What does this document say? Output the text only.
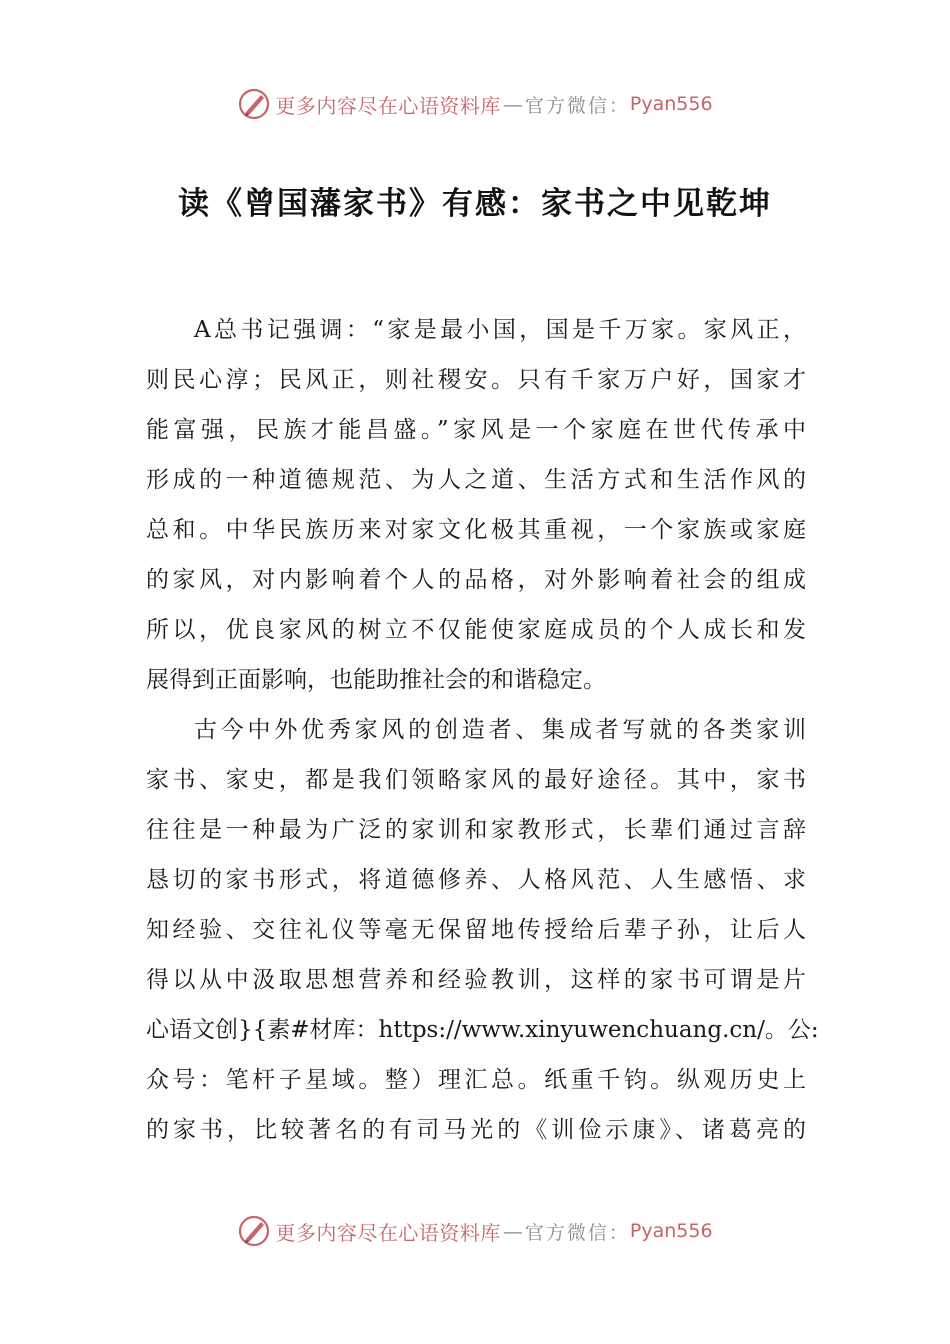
更多内容尽在心语资料库 — 官方微信： Pyan556
读《曾国藩家书》有感：家书之中见乾坤

A总书记强调：“家是最小国，国是千万家。家风正，
则民心淳；民风正，则社稷安。只有千家万户好，国家才
能富强，民族才能昌盛。”家风是一个家庭在世代传承中
形成的一种道德规范、为人之道、生活方式和生活作风的
总和。中华民族历来对家文化极其重视，一个家族或家庭
的家风，对内影响着个人的品格，对外影响着社会的组成
所以，优良家风的树立不仅能使家庭成员的个人成长和发
展得到正面影响，也能助推社会的和谐稳定。

古今中外优秀家风的创造者、集成者写就的各类家训
家书、家史，都是我们领略家风的最好途径。其中，家书
往往是一种最为广泛的家训和家教形式，长辈们通过言辞
恳切的家书形式，将道德修养、人格风范、人生感悟、求
知经验、交往礼仪等毫无保留地传授给后辈子孙，让后人
得以从中汲取思想营养和经验教训，这样的家书可谓是片
心语文创}{素#材库：https://www.xinyuwenchuang.cn/。公:
众号：笔杆子星域。整）理汇总。纸重千钧。纵观历史上
的家书，比较著名的有司马光的《训俭示康》、诸葛亮的

更多内容尽在心语资料库 — 官方微信： Pyan556
